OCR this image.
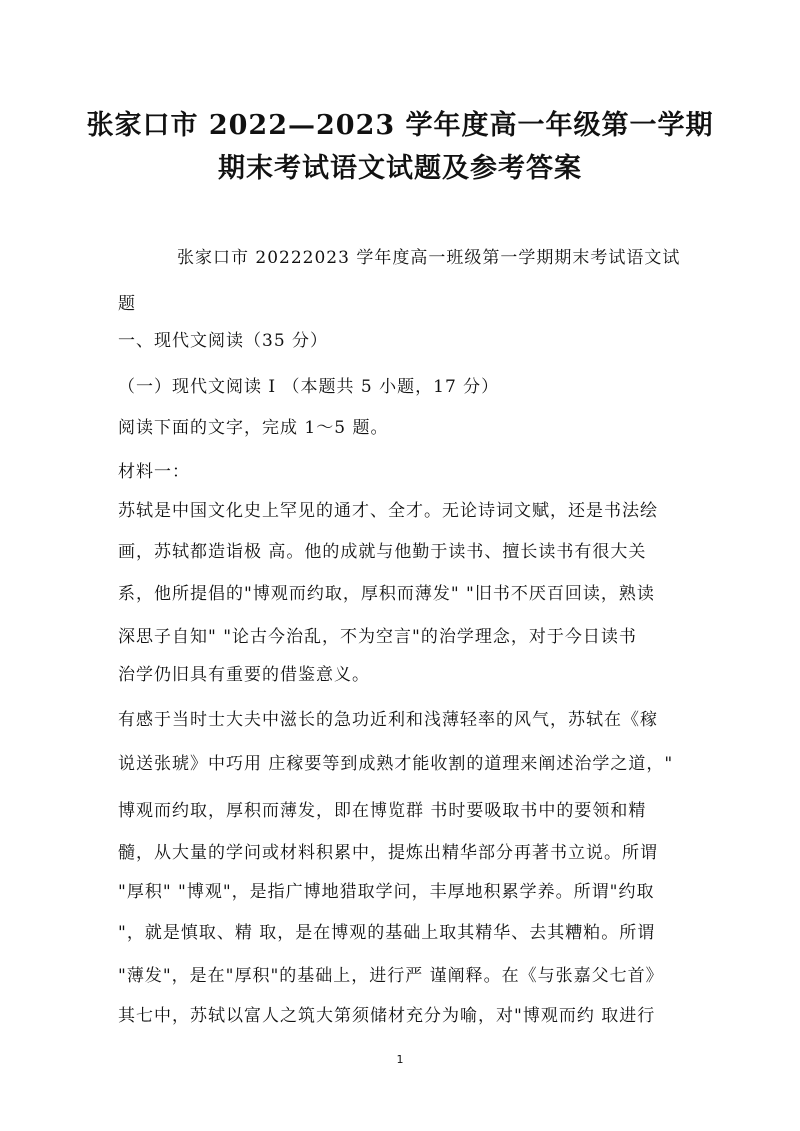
张家口市 2022—2023 学年度高一年级第一学期
期末考试语文试题及参考答案
张家口市 20222023 学年度高一班级第一学期期末考试语文试
题
一、现代文阅读（35 分）
（一）现代文阅读 I （本题共 5 小题，17 分）
阅读下面的文字，完成 1～5 题。
材料一：
苏轼是中国文化史上罕见的通才、全才。无论诗词文赋，还是书法绘
画，苏轼都造诣极 高。他的成就与他勤于读书、擅长读书有很大关
系，他所提倡的"博观而约取，厚积而薄发" "旧书不厌百回读，熟读
深思子自知" "论古今治乱，不为空言"的治学理念，对于今日读书
治学仍旧具有重要的借鉴意义。
有感于当时士大夫中滋长的急功近利和浅薄轻率的风气，苏轼在《稼
说送张琥》中巧用 庄稼要等到成熟才能收割的道理来阐述治学之道，"
博观而约取，厚积而薄发，即在博览群 书时要吸取书中的要领和精
髓，从大量的学问或材料积累中，提炼出精华部分再著书立说。所谓
"厚积" "博观"，是指广博地猎取学问，丰厚地积累学养。所谓"约取
"，就是慎取、精 取，是在博观的基础上取其精华、去其糟粕。所谓
"薄发"，是在"厚积"的基础上，进行严 谨阐释。在《与张嘉父七首》
其七中，苏轼以富人之筑大第须储材充分为喻，对"博观而约 取进行
1
